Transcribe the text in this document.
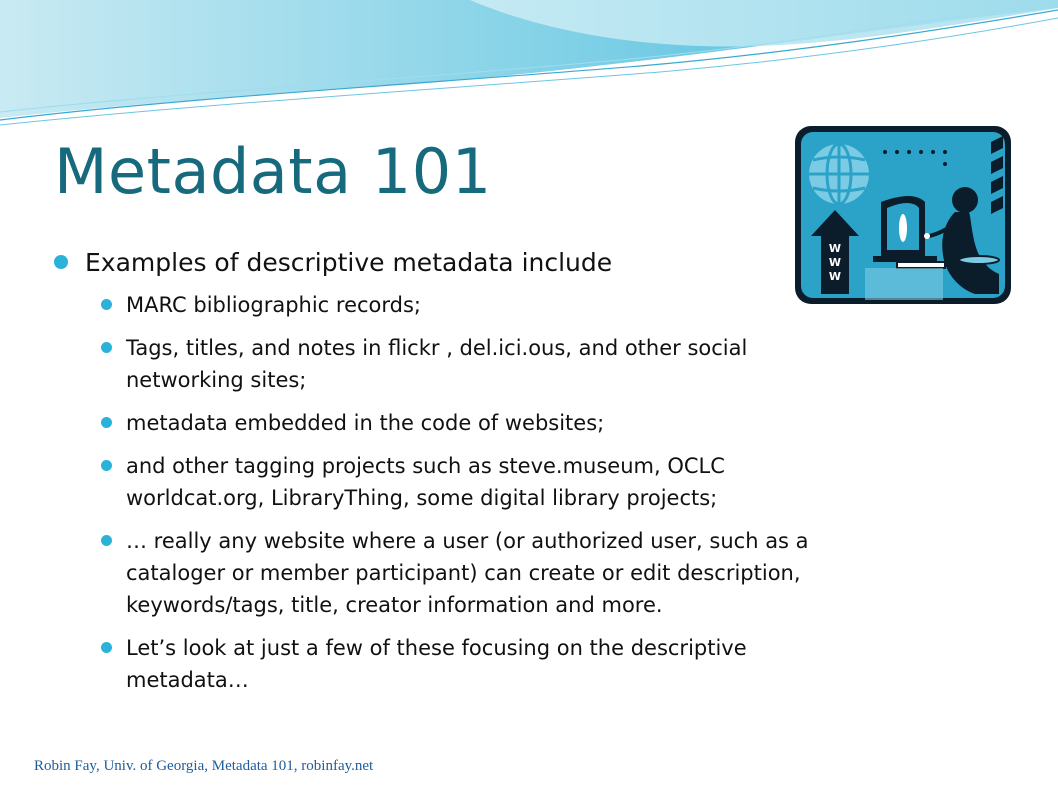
Metadata 101
W
W
W
Examples of descriptive metadata include
MARC bibliographic records;
Tags, titles, and notes in flickr , del.ici.ous, and other social
networking sites;
metadata embedded in the code of websites;
and other tagging projects such as steve.museum, OCLC
worldcat.org, LibraryThing, some digital library projects;
… really any website where a user (or authorized user, such as a
cataloger or member participant) can create or edit description,
keywords/tags, title, creator information and more.
Let’s look at just a few of these focusing on the descriptive
metadata…

Robin Fay, Univ. of Georgia, Metadata 101, robinfay.net
